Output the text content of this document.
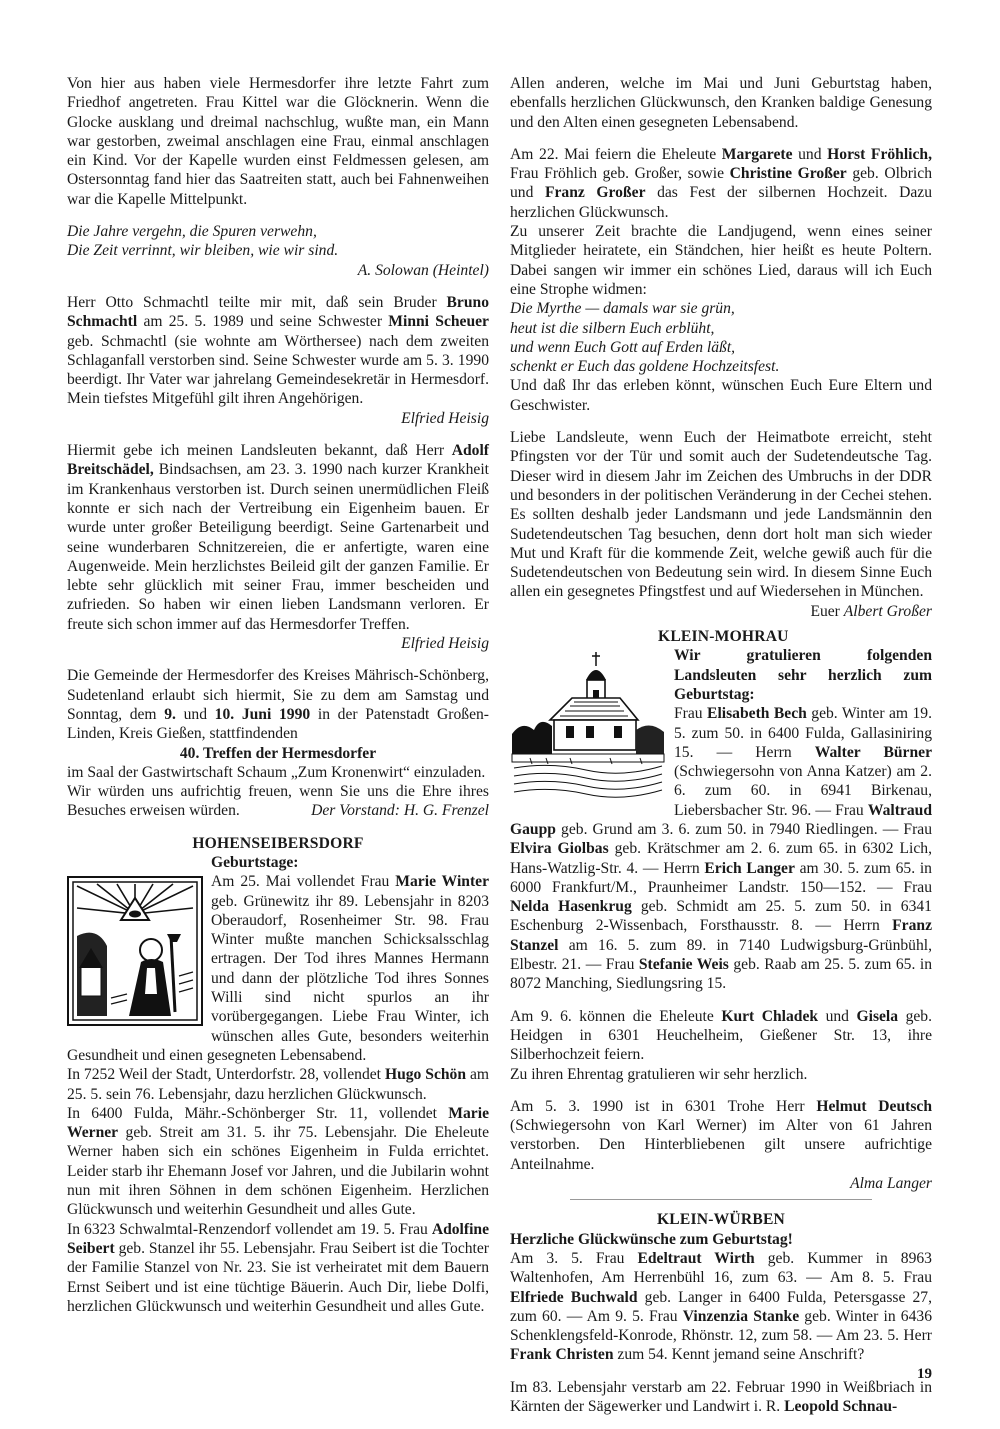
Von hier aus haben viele Hermesdorfer ihre letzte Fahrt zum Friedhof angetreten. Frau Kittel war die Glöcknerin. Wenn die Glocke ausklang und dreimal nachschlug, wußte man, ein Mann war gestorben, zweimal anschlagen eine Frau, einmal anschlagen ein Kind. Vor der Kapelle wurden einst Feldmessen gelesen, am Ostersonntag fand hier das Saatreiten statt, auch bei Fahnenweihen war die Kapelle Mittelpunkt.

Die Jahre vergehn, die Spuren verwehn,
Die Zeit verrinnt, wir bleiben, wie wir sind.

A. Solowan (Heintel)

Herr Otto Schmachtl teilte mir mit, daß sein Bruder Bruno Schmachtl am 25. 5. 1989 und seine Schwester Minni Scheuer geb. Schmachtl (sie wohnte am Wörthersee) nach dem zweiten Schlaganfall verstorben sind. Seine Schwester wurde am 5. 3. 1990 beerdigt. Ihr Vater war jahrelang Gemeindesekretär in Hermesdorf. Mein tiefstes Mitgefühl gilt ihren Angehörigen.

Elfried Heisig

Hiermit gebe ich meinen Landsleuten bekannt, daß Herr Adolf Breitschädel, Bindsachsen, am 23. 3. 1990 nach kurzer Krankheit im Krankenhaus verstorben ist. Durch seinen unermüdlichen Fleiß konnte er sich nach der Vertreibung ein Eigenheim bauen. Er wurde unter großer Beteiligung beerdigt. Seine Gartenarbeit und seine wunderbaren Schnitzereien, die er anfertigte, waren eine Augenweide. Mein herzlichstes Beileid gilt der ganzen Familie. Er lebte sehr glücklich mit seiner Frau, immer bescheiden und zufrieden. So haben wir einen lieben Landsmann verloren. Er freute sich schon immer auf das Hermesdorfer Treffen.

Elfried Heisig

Die Gemeinde der Hermesdorfer des Kreises Mährisch-Schönberg, Sudetenland erlaubt sich hiermit, Sie zu dem am Samstag und Sonntag, dem 9. und 10. Juni 1990 in der Patenstadt Großen-Linden, Kreis Gießen, stattfindenden

40. Treffen der Hermesdorfer

im Saal der Gastwirtschaft Schaum „Zum Kronenwirt“ einzuladen.

Wir würden uns aufrichtig freuen, wenn Sie uns die Ehre ihres Besuches erweisen würden.	Der Vorstand: H. G. Frenzel

HOHENSEIBERSDORF
Geburtstage:

Am 25. Mai vollendet Frau Marie Winter geb. Grünewitz ihr 89. Lebensjahr in 8203 Oberaudorf, Rosenheimer Str. 98. Frau Winter mußte manchen Schicksalsschlag ertragen. Der Tod ihres Mannes Hermann und dann der plötzliche Tod ihres Sonnes Willi sind nicht spurlos an ihr vorübergegangen. Liebe Frau Winter, ich wünschen alles Gute, besonders weiterhin Gesundheit und einen gesegneten Lebensabend.

In 7252 Weil der Stadt, Unterdorfstr. 28, vollendet Hugo Schön am 25. 5. sein 76. Lebensjahr, dazu herzlichen Glückwunsch.

In 6400 Fulda, Mähr.-Schönberger Str. 11, vollendet Marie Werner geb. Streit am 31. 5. ihr 75. Lebensjahr. Die Eheleute Werner haben sich ein schönes Eigenheim in Fulda errichtet. Leider starb ihr Ehemann Josef vor Jahren, und die Jubilarin wohnt nun mit ihren Söhnen in dem schönen Eigenheim. Herzlichen Glückwunsch und weiterhin Gesundheit und alles Gute.

In 6323 Schwalmtal-Renzendorf vollendet am 19. 5. Frau Adolfine Seibert geb. Stanzel ihr 55. Lebensjahr. Frau Seibert ist die Tochter der Familie Stanzel von Nr. 23. Sie ist verheiratet mit dem Bauern Ernst Seibert und ist eine tüchtige Bäuerin. Auch Dir, liebe Dolfi, herzlichen Glückwunsch und weiterhin Gesundheit und alles Gute.

Allen anderen, welche im Mai und Juni Geburtstag haben, ebenfalls herzlichen Glückwunsch, den Kranken baldige Genesung und den Alten einen gesegneten Lebensabend.

Am 22. Mai feiern die Eheleute Margarete und Horst Fröhlich, Frau Fröhlich geb. Großer, sowie Christine Großer geb. Olbrich und Franz Großer das Fest der silbernen Hochzeit. Dazu herzlichen Glückwunsch.

Zu unserer Zeit brachte die Landjugend, wenn eines seiner Mitglieder heiratete, ein Ständchen, hier heißt es heute Poltern. Dabei sangen wir immer ein schönes Lied, daraus will ich Euch eine Strophe widmen:

Die Myrthe — damals war sie grün,
heut ist die silbern Euch erblüht,
und wenn Euch Gott auf Erden läßt,
schenkt er Euch das goldene Hochzeitsfest.

Und daß Ihr das erleben könnt, wünschen Euch Eure Eltern und Geschwister.

Liebe Landsleute, wenn Euch der Heimatbote erreicht, steht Pfingsten vor der Tür und somit auch der Sudetendeutsche Tag. Dieser wird in diesem Jahr im Zeichen des Umbruchs in der DDR und besonders in der politischen Veränderung in der Cechei stehen. Es sollten deshalb jeder Landsmann und jede Landsmännin den Sudetendeutschen Tag besuchen, denn dort holt man sich wieder Mut und Kraft für die kommende Zeit, welche gewiß auch für die Sudetendeutschen von Bedeutung sein wird. In diesem Sinne Euch allen ein gesegnetes Pfingstfest und auf Wiedersehen in München.
Euer Albert Großer

KLEIN-MOHRAU
Wir gratulieren folgenden Landsleuten sehr herzlich zum Geburtstag:

Frau Elisabeth Bech geb. Winter am 19. 5. zum 50. in 6400 Fulda, Gallasiniring 15. — Herrn Walter Bürner (Schwiegersohn von Anna Katzer) am 2. 6. zum 60. in 6941 Birkenau, Liebersbacher Str. 96. — Frau Waltraud Gaupp geb. Grund am 3. 6. zum 50. in 7940 Riedlingen. — Frau Elvira Giolbas geb. Krätschmer am 2. 6. zum 65. in 6302 Lich, Hans-Watzlig-Str. 4. — Herrn Erich Langer am 30. 5. zum 65. in 6000 Frankfurt/M., Praunheimer Landstr. 150—152. — Frau Nelda Hasenkrug geb. Schmidt am 25. 5. zum 50. in 6341 Eschenburg 2-Wissenbach, Forsthausstr. 8. — Herrn Franz Stanzel am 16. 5. zum 89. in 7140 Ludwigsburg-Grünbühl, Elbestr. 21. — Frau Stefanie Weis geb. Raab am 25. 5. zum 65. in 8072 Manching, Siedlungsring 15.

Am 9. 6. können die Eheleute Kurt Chladek und Gisela geb. Heidgen in 6301 Heuchelheim, Gießener Str. 13, ihre Silberhochzeit feiern.

Zu ihren Ehrentag gratulieren wir sehr herzlich.

Am 5. 3. 1990 ist in 6301 Trohe Herr Helmut Deutsch (Schwiegersohn von Karl Werner) im Alter von 61 Jahren verstorben. Den Hinterbliebenen gilt unsere aufrichtige Anteilnahme.

Alma Langer

KLEIN-WÜRBEN
Herzliche Glückwünsche zum Geburtstag!

Am 3. 5. Frau Edeltraut Wirth geb. Kummer in 8963 Waltenhofen, Am Herrenbühl 16, zum 63. — Am 8. 5. Frau Elfriede Buchwald geb. Langer in 6400 Fulda, Petersgasse 27, zum 60. — Am 9. 5. Frau Vinzenzia Stanke geb. Winter in 6436 Schenklengsfeld-Konrode, Rhönstr. 12, zum 58. — Am 23. 5. Herr Frank Christen zum 54. Kennt jemand seine Anschrift?

Im 83. Lebensjahr verstarb am 22. Februar 1990 in Weißbriach in Kärnten der Sägewerker und Landwirt i. R. Leopold Schnau-

19
